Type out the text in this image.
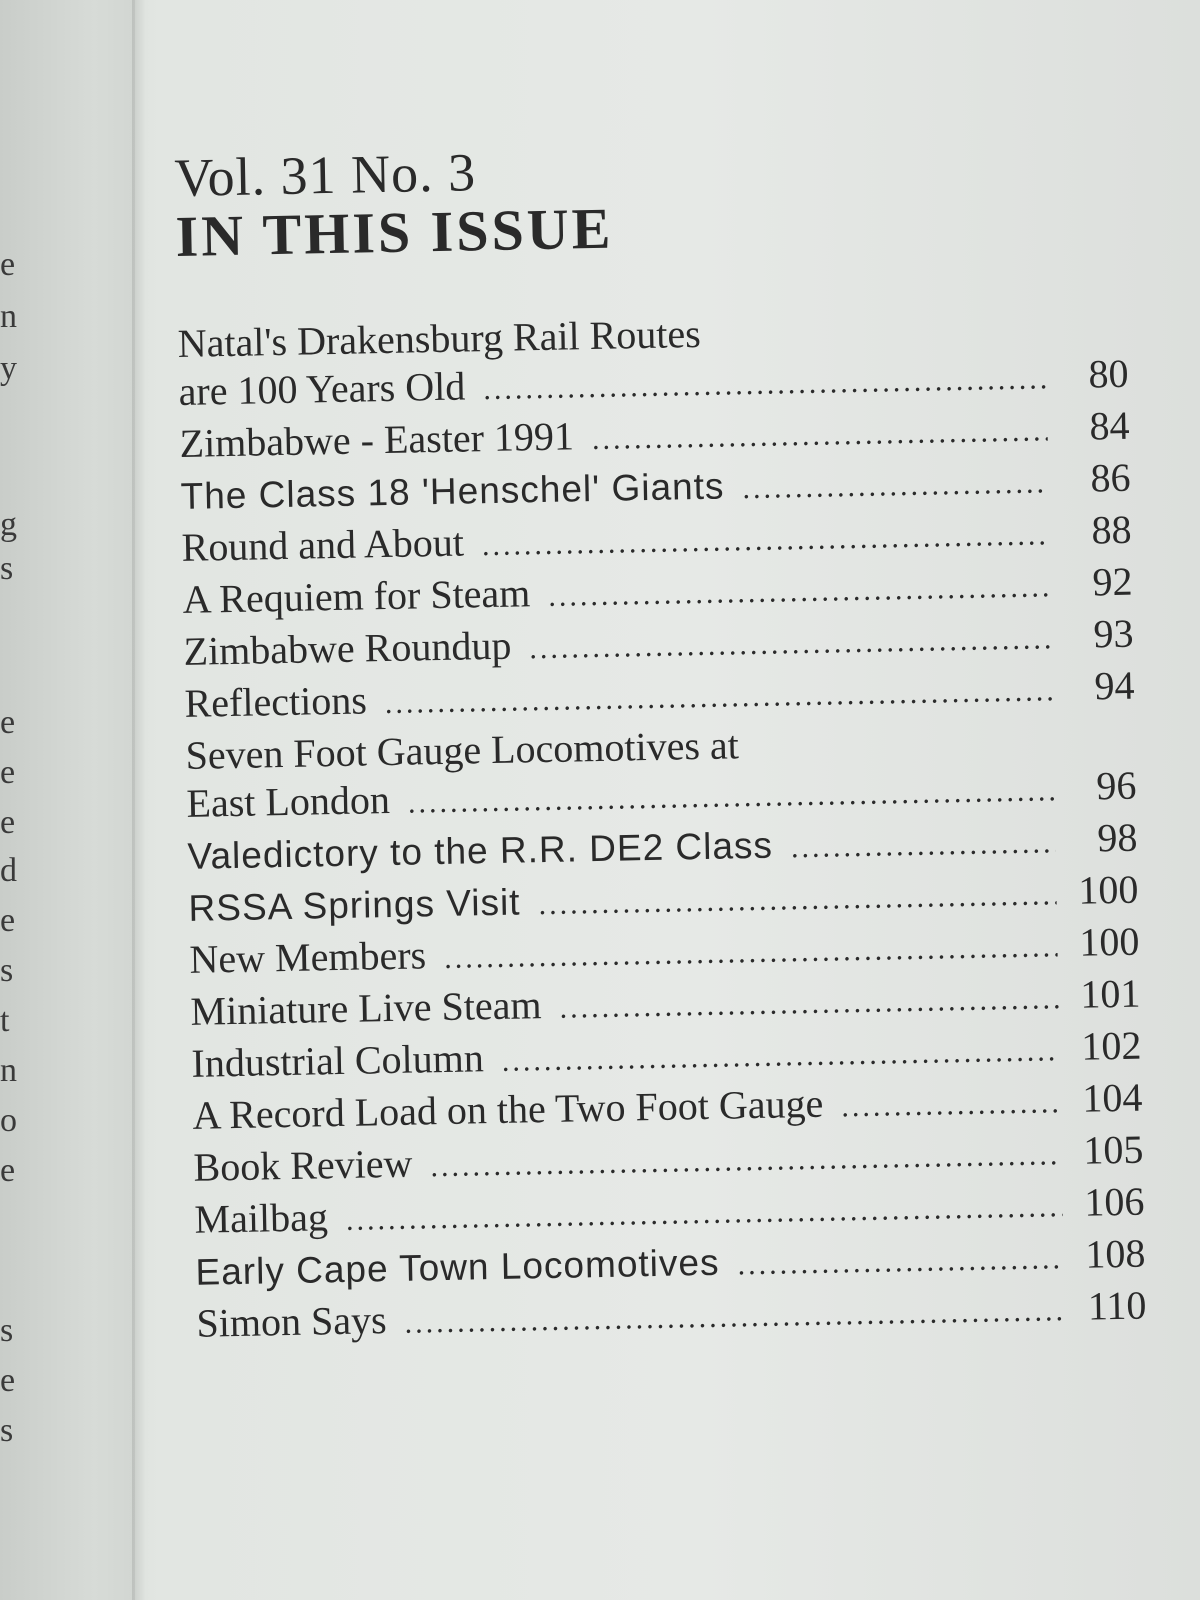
e
n
y
g
s
e
e
e
d
e
s
t
n
o
e
s
e
s
Vol. 31 No. 3
IN THIS ISSUE
Natal's Drakensburg Rail Routes
are 100 Years Old .....	80
Zimbabwe - Easter 1991 .....	84
The Class 18 'Henschel' Giants .....	86
Round and About .....	88
A Requiem for Steam .....	92
Zimbabwe Roundup .....	93
Reflections .....	94
Seven Foot Gauge Locomotives at
East London .....	96
Valedictory to the R.R. DE2 Class .....	98
RSSA Springs Visit .....	100
New Members .....	100
Miniature Live Steam .....	101
Industrial Column .....	102
A Record Load on the Two Foot Gauge .....	104
Book Review .....	105
Mailbag .....	106
Early Cape Town Locomotives .....	108
Simon Says .....	110
